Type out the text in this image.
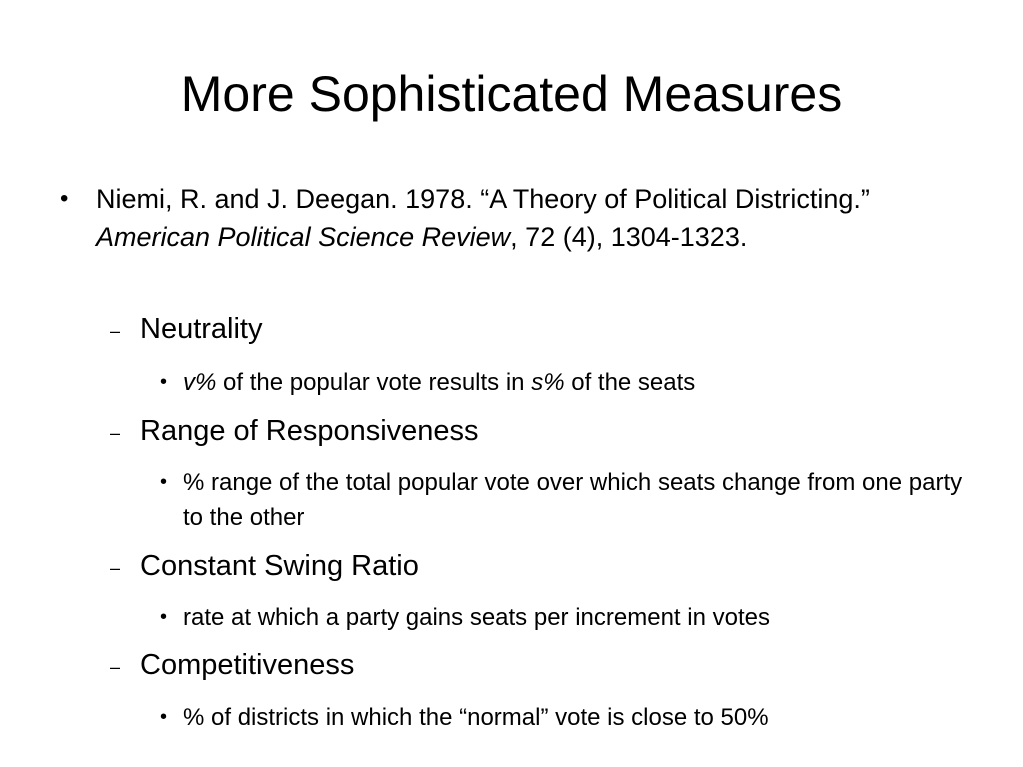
More Sophisticated Measures
• Niemi, R. and J. Deegan. 1978. “A Theory of Political Districting.” American Political Science Review, 72 (4), 1304-1323.
– Neutrality
• v% of the popular vote results in s% of the seats
– Range of Responsiveness
• % range of the total popular vote over which seats change from one party to the other
– Constant Swing Ratio
• rate at which a party gains seats per increment in votes
– Competitiveness
• % of districts in which the “normal” vote is close to 50%
